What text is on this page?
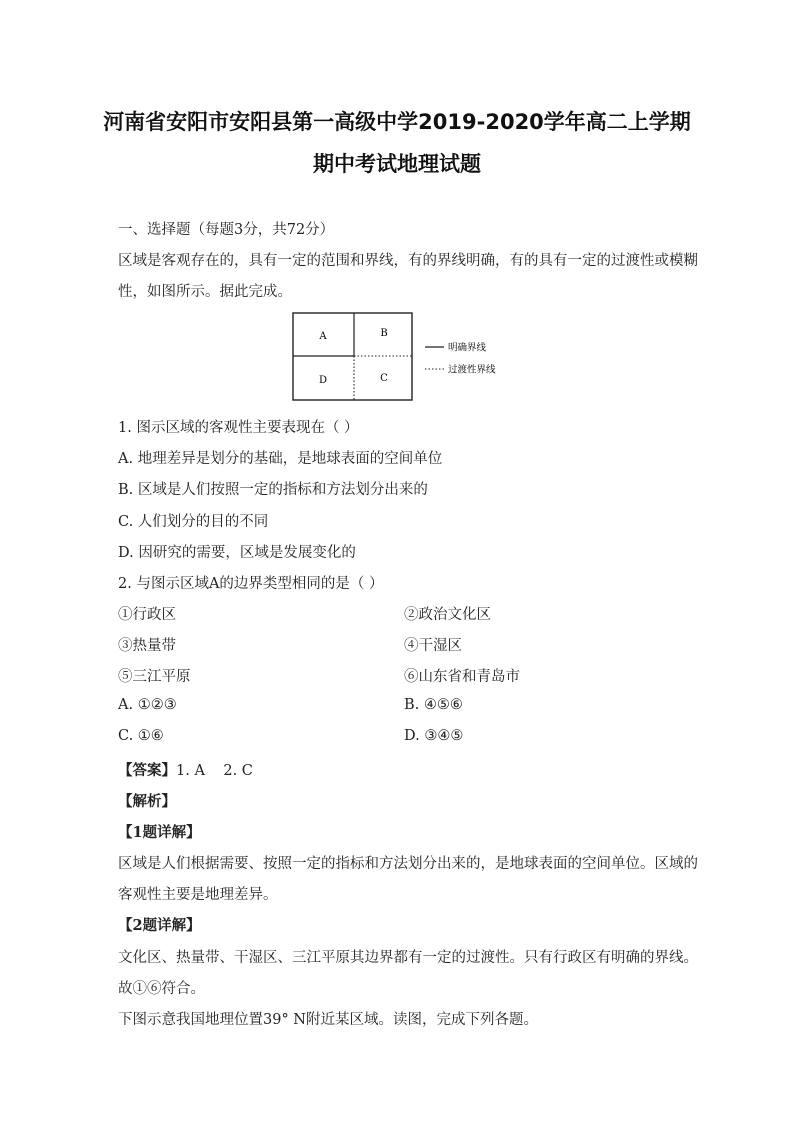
河南省安阳市安阳县第一高级中学2019-2020学年高二上学期
期中考试地理试题
一、选择题（每题3分，共72分）
区域是客观存在的，具有一定的范围和界线，有的界线明确，有的具有一定的过渡性或模糊
性，如图所示。据此完成。
A	B
D	C
明确界线
过渡性界线
1. 图示区域的客观性主要表现在（ ）
A. 地理差异是划分的基础，是地球表面的空间单位
B. 区域是人们按照一定的指标和方法划分出来的
C. 人们划分的目的不同
D. 因研究的需要，区域是发展变化的
2. 与图示区域A的边界类型相同的是（ ）
①行政区	②政治文化区
③热量带	④干湿区
⑤三江平原	⑥山东省和青岛市
A. ①②③	B. ④⑤⑥
C. ①⑥	D. ③④⑤
【答案】1. A    2. C
【解析】
【1题详解】
区域是人们根据需要、按照一定的指标和方法划分出来的，是地球表面的空间单位。区域的
客观性主要是地理差异。
【2题详解】
文化区、热量带、干湿区、三江平原其边界都有一定的过渡性。只有行政区有明确的界线。
故①⑥符合。
下图示意我国地理位置39° N附近某区域。读图，完成下列各题。
